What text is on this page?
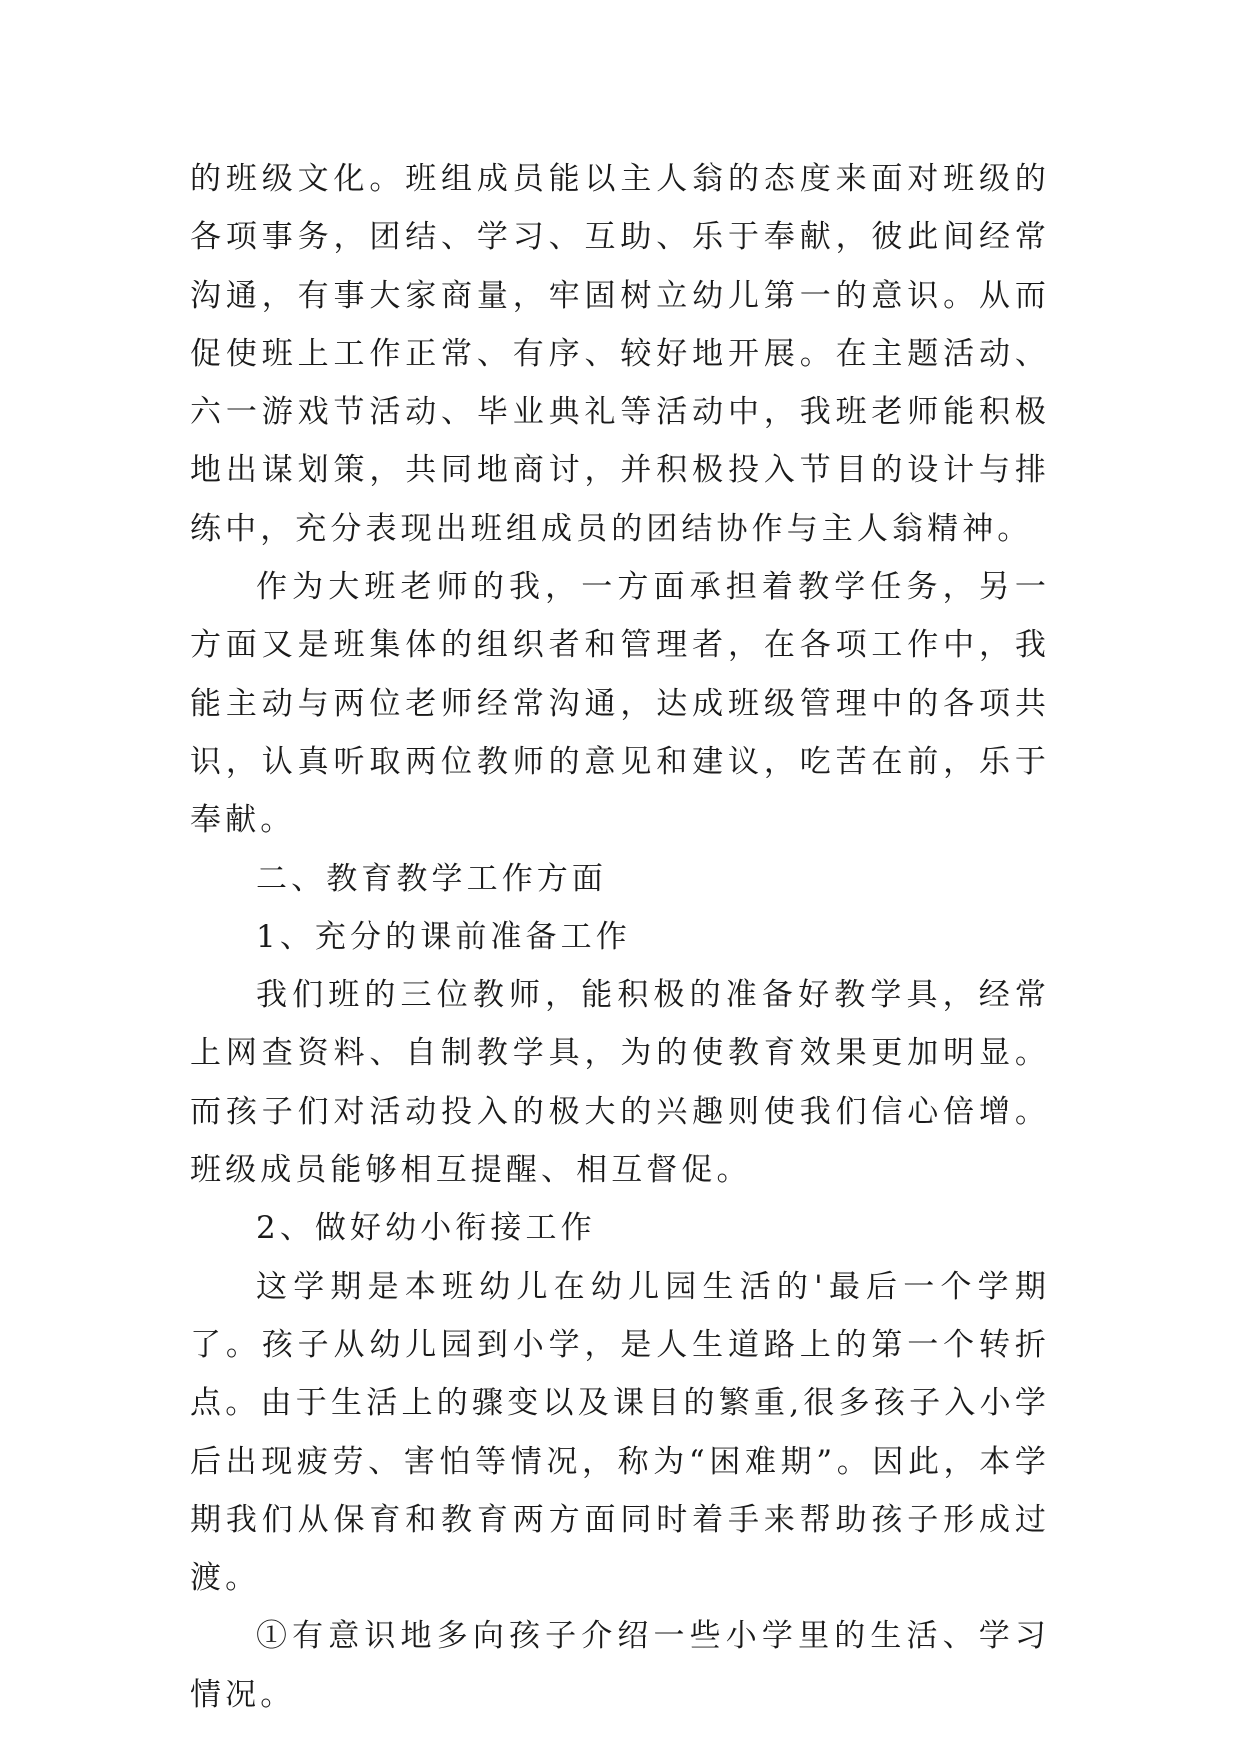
的班级文化。班组成员能以主人翁的态度来面对班级的各项事务，团结、学习、互助、乐于奉献，彼此间经常沟通，有事大家商量，牢固树立幼儿第一的意识。从而促使班上工作正常、有序、较好地开展。在主题活动、六一游戏节活动、毕业典礼等活动中，我班老师能积极地出谋划策，共同地商讨，并积极投入节目的设计与排练中，充分表现出班组成员的团结协作与主人翁精神。

作为大班老师的我，一方面承担着教学任务，另一方面又是班集体的组织者和管理者，在各项工作中，我能主动与两位老师经常沟通，达成班级管理中的各项共识，认真听取两位教师的意见和建议，吃苦在前，乐于奉献。

二、教育教学工作方面

1、充分的课前准备工作

我们班的三位教师，能积极的准备好教学具，经常上网查资料、自制教学具，为的使教育效果更加明显。而孩子们对活动投入的极大的兴趣则使我们信心倍增。班级成员能够相互提醒、相互督促。

2、做好幼小衔接工作

这学期是本班幼儿在幼儿园生活的'最后一个学期了。孩子从幼儿园到小学，是人生道路上的第一个转折点。由于生活上的骤变以及课目的繁重,很多孩子入小学后出现疲劳、害怕等情况，称为“困难期”。因此，本学期我们从保育和教育两方面同时着手来帮助孩子形成过渡。

①有意识地多向孩子介绍一些小学里的生活、学习情况。
